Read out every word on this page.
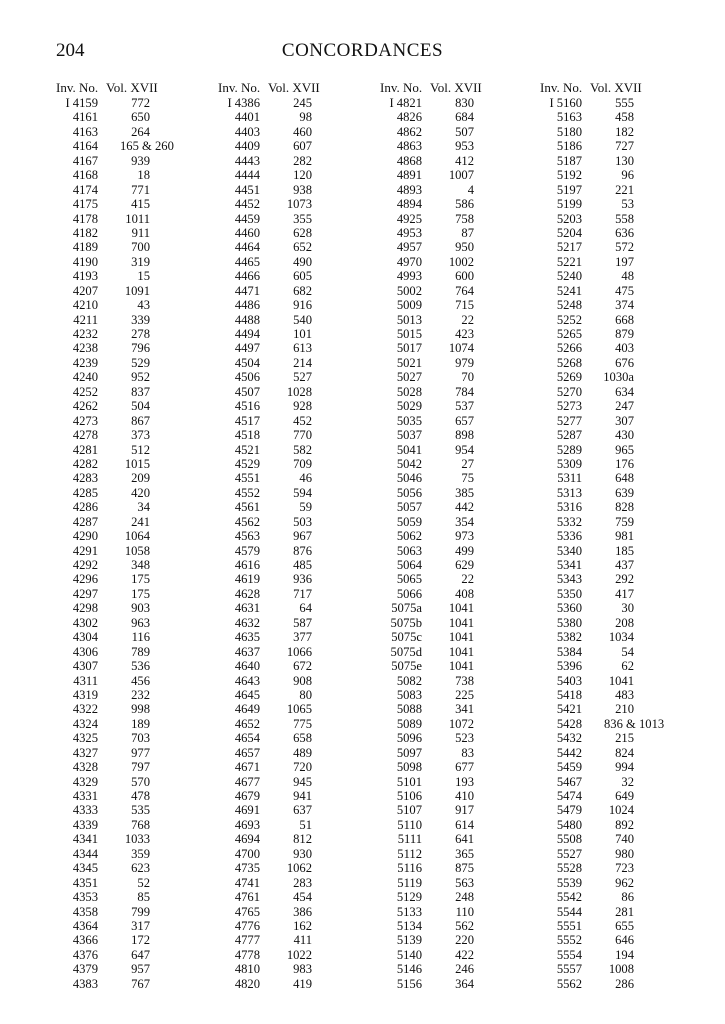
204	CONCORDANCES
Inv. No. Vol. XVII
I 4159	772
4161	650
4163	264
4164 165 & 260
4167	939
4168	18
4174	771
4175	415
4178	1011
4182	911
4189	700
4190	319
4193	15
4207	1091
4210	43
4211	339
4232	278
4238	796
4239	529
4240	952
4252	837
4262	504
4273	867
4278	373
4281	512
4282	1015
4283	209
4285	420
4286	34
4287	241
4290	1064
4291	1058
4292	348
4296	175
4297	175
4298	903
4302	963
4304	116
4306	789
4307	536
4311	456
4319	232
4322	998
4324	189
4325	703
4327	977
4328	797
4329	570
4331	478
4333	535
4339	768
4341	1033
4344	359
4345	623
4351	52
4353	85
4358	799
4364	317
4366	172
4376	647
4379	957
4383	767
Inv. No. Vol. XVII
I 4386	245
4401	98
4403	460
4409	607
4443	282
4444	120
4451	938
4452	1073
4459	355
4460	628
4464	652
4465	490
4466	605
4471	682
4486	916
4488	540
4494	101
4497	613
4504	214
4506	527
4507	1028
4516	928
4517	452
4518	770
4521	582
4529	709
4551	46
4552	594
4561	59
4562	503
4563	967
4579	876
4616	485
4619	936
4628	717
4631	64
4632	587
4635	377
4637	1066
4640	672
4643	908
4645	80
4649	1065
4652	775
4654	658
4657	489
4671	720
4677	945
4679	941
4691	637
4693	51
4694	812
4700	930
4735	1062
4741	283
4761	454
4765	386
4776	162
4777	411
4778	1022
4810	983
4820	419
Inv. No. Vol. XVII
I 4821	830
4826	684
4862	507
4863	953
4868	412
4891	1007
4893	4
4894	586
4925	758
4953	87
4957	950
4970	1002
4993	600
5002	764
5009	715
5013	22
5015	423
5017	1074
5021	979
5027	70
5028	784
5029	537
5035	657
5037	898
5041	954
5042	27
5046	75
5056	385
5057	442
5059	354
5062	973
5063	499
5064	629
5065	22
5066	408
5075a	1041
5075b	1041
5075c	1041
5075d	1041
5075e	1041
5082	738
5083	225
5088	341
5089	1072
5096	523
5097	83
5098	677
5101	193
5106	410
5107	917
5110	614
5111	641
5112	365
5116	875
5119	563
5129	248
5133	110
5134	562
5139	220
5140	422
5146	246
5156	364
Inv. No. Vol. XVII
I 5160	555
5163	458
5180	182
5186	727
5187	130
5192	96
5197	221
5199	53
5203	558
5204	636
5217	572
5221	197
5240	48
5241	475
5248	374
5252	668
5265	879
5266	403
5268	676
5269 1030a
5270	634
5273	247
5277	307
5287	430
5289	965
5309	176
5311	648
5313	639
5316	828
5332	759
5336	981
5340	185
5341	437
5343	292
5350	417
5360	30
5380	208
5382	1034
5384	54
5396	62
5403	1041
5418	483
5421	210
5428 836 & 1013
5432	215
5442	824
5459	994
5467	32
5474	649
5479	1024
5480	892
5508	740
5527	980
5528	723
5539	962
5542	86
5544	281
5551	655
5552	646
5554	194
5557	1008
5562	286
